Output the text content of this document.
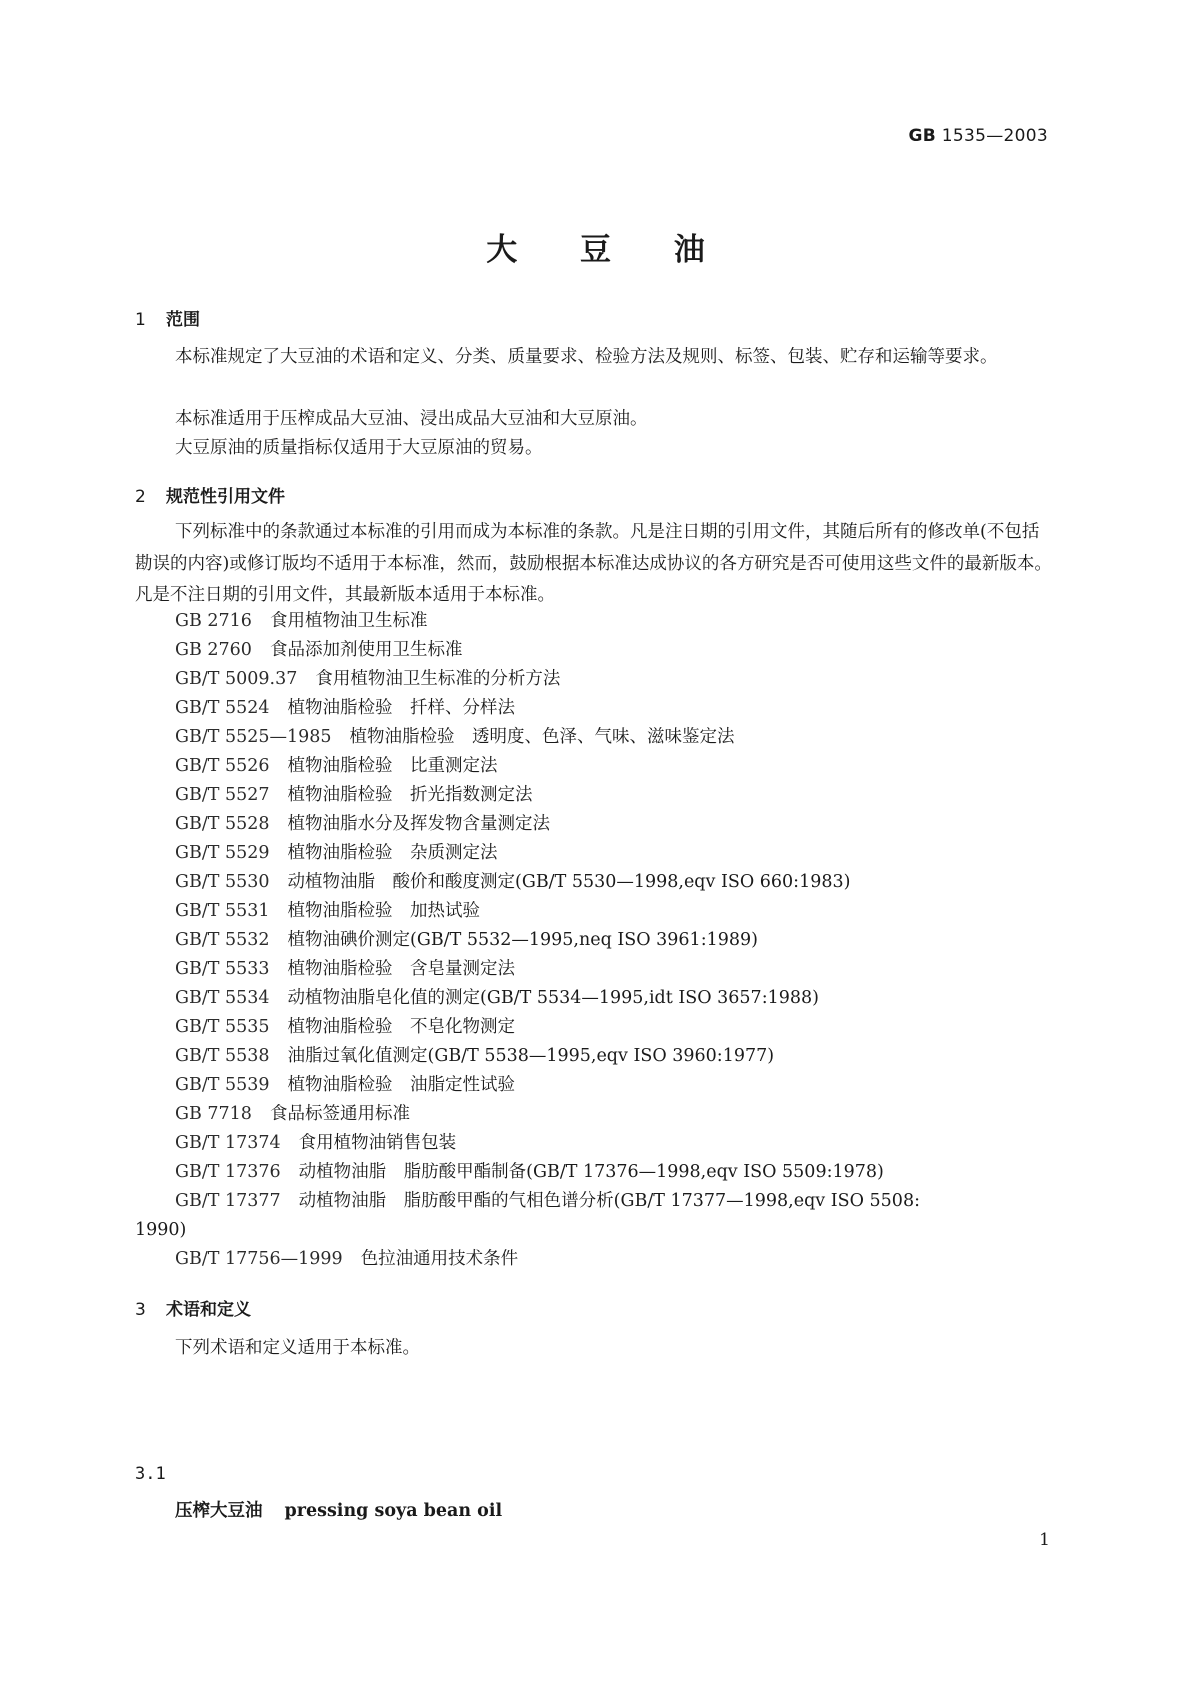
GB 1535—2003

大 豆 油
1 范围

本标准规定了大豆油的术语和定义、分类、质量要求、检验方法及规则、标签、包装、贮存和运输等要求。

本标准适用于压榨成品大豆油、浸出成品大豆油和大豆原油。

大豆原油的质量指标仅适用于大豆原油的贸易。

2 规范性引用文件

下列标准中的条款通过本标准的引用而成为本标准的条款。凡是注日期的引用文件，其随后所有的修改单(不包括勘误的内容)或修订版均不适用于本标准，然而，鼓励根据本标准达成协议的各方研究是否可使用这些文件的最新版本。凡是不注日期的引用文件，其最新版本适用于本标准。

GB 2716 食用植物油卫生标准

GB 2760 食品添加剂使用卫生标准

GB/T 5009.37 食用植物油卫生标准的分析方法

GB/T 5524 植物油脂检验　扦样、分样法

GB/T 5525—1985 植物油脂检验　透明度、色泽、气味、滋味鉴定法

GB/T 5526 植物油脂检验　比重测定法

GB/T 5527 植物油脂检验　折光指数测定法

GB/T 5528 植物油脂水分及挥发物含量测定法

GB/T 5529 植物油脂检验　杂质测定法

GB/T 5530 动植物油脂　酸价和酸度测定(GB/T 5530—1998,eqv ISO 660:1983)

GB/T 5531 植物油脂检验　加热试验

GB/T 5532 植物油碘价测定(GB/T 5532—1995,neq ISO 3961:1989)

GB/T 5533 植物油脂检验　含皂量测定法

GB/T 5534 动植物油脂皂化值的测定(GB/T 5534—1995,idt ISO 3657:1988)

GB/T 5535 植物油脂检验　不皂化物测定

GB/T 5538 油脂过氧化值测定(GB/T 5538—1995,eqv ISO 3960:1977)

GB/T 5539 植物油脂检验　油脂定性试验

GB 7718 食品标签通用标准

GB/T 17374 食用植物油销售包装

GB/T 17376 动植物油脂　脂肪酸甲酯制备(GB/T 17376—1998,eqv ISO 5509:1978)

GB/T 17377 动植物油脂　脂肪酸甲酯的气相色谱分析(GB/T 17377—1998,eqv ISO 5508:

1990)

GB/T 17756—1999 色拉油通用技术条件

3 术语和定义

下列术语和定义适用于本标准。

3.1

压榨大豆油 pressing soya bean oil

1
